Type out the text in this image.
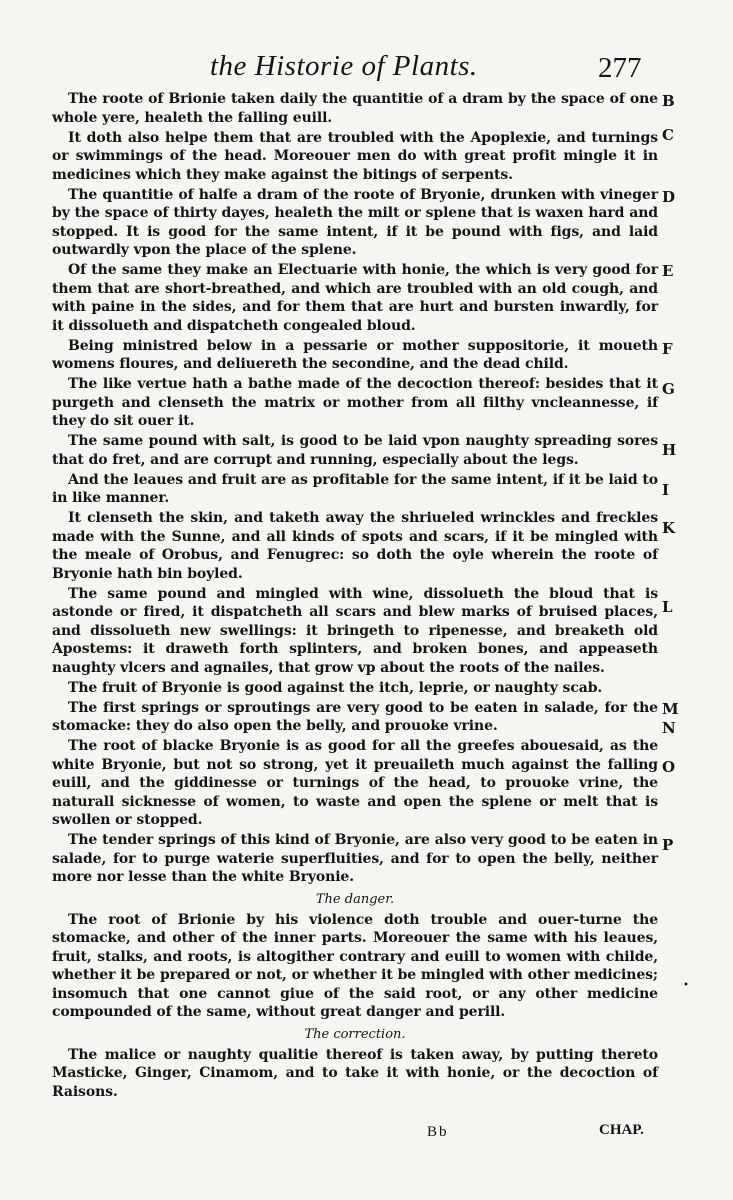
the Historie of Plants.	277

The roote of Brionie taken daily the quantitie of a dram by the space of one whole yere, healeth the falling euill.

It doth also helpe them that are troubled with the Apoplexie, and turnings or swimmings of the head. Moreouer men do with great profit mingle it in medicines which they make against the bitings of serpents.

The quantitie of halfe a dram of the roote of Bryonie, drunken with vineger by the space of thirty dayes, healeth the milt or splene that is waxen hard and stopped. It is good for the same intent, if it be pound with figs, and laid outwardly vpon the place of the splene.

Of the same they make an Electuarie with honie, the which is very good for them that are short-breathed, and which are troubled with an old cough, and with paine in the sides, and for them that are hurt and bursten inwardly, for it dissolueth and dispatcheth congealed bloud.

Being ministred below in a pessarie or mother suppositorie, it moueth womens floures, and deliuereth the secondine, and the dead child.

The like vertue hath a bathe made of the decoction thereof: besides that it purgeth and clenseth the matrix or mother from all filthy vncleannesse, if they do sit ouer it.

The same pound with salt, is good to be laid vpon naughty spreading sores that do fret, and are corrupt and running, especially about the legs.

And the leaues and fruit are as profitable for the same intent, if it be laid to in like manner.

It clenseth the skin, and taketh away the shriueled wrinckles and freckles made with the Sunne, and all kinds of spots and scars, if it be mingled with the meale of Orobus, and Fenugrec: so doth the oyle wherein the roote of Bryonie hath bin boyled.

The same pound and mingled with wine, dissolueth the bloud that is astonde or fired, it dispatcheth all scars and blew marks of bruised places, and dissolueth new swellings: it bringeth to ripenesse, and breaketh old Apostems: it draweth forth splinters, and broken bones, and appeaseth naughty vlcers and agnailes, that grow vp about the roots of the nailes.

The fruit of Bryonie is good against the itch, leprie, or naughty scab.

The first springs or sproutings are very good to be eaten in salade, for the stomacke: they do also open the belly, and prouoke vrine.

The root of blacke Bryonie is as good for all the greefes abouesaid, as the white Bryonie, but not so strong, yet it preuaileth much against the falling euill, and the giddinesse or turnings of the head, to prouoke vrine, the naturall sicknesse of women, to waste and open the splene or melt that is swollen or stopped.

The tender springs of this kind of Bryonie, are also very good to be eaten in salade, for to purge waterie superfluities, and for to open the belly, neither more nor lesse than the white Bryonie.

The danger.

The root of Brionie by his violence doth trouble and ouer-turne the stomacke, and other of the inner parts. Moreouer the same with his leaues, fruit, stalks, and roots, is altogither contrary and euill to women with childe, whether it be prepared or not, or whether it be mingled with other medicines; insomuch that one cannot giue of the said root, or any other medicine compounded of the same, without great danger and perill.

The correction.

The malice or naughty qualitie thereof is taken away, by putting thereto Masticke, Ginger, Cinamom, and to take it with honie, or the decoction of Raisons.

B
C
D
E
F
G
H
I
K
L
M
N
O
P
•
Bb	CHAP.
